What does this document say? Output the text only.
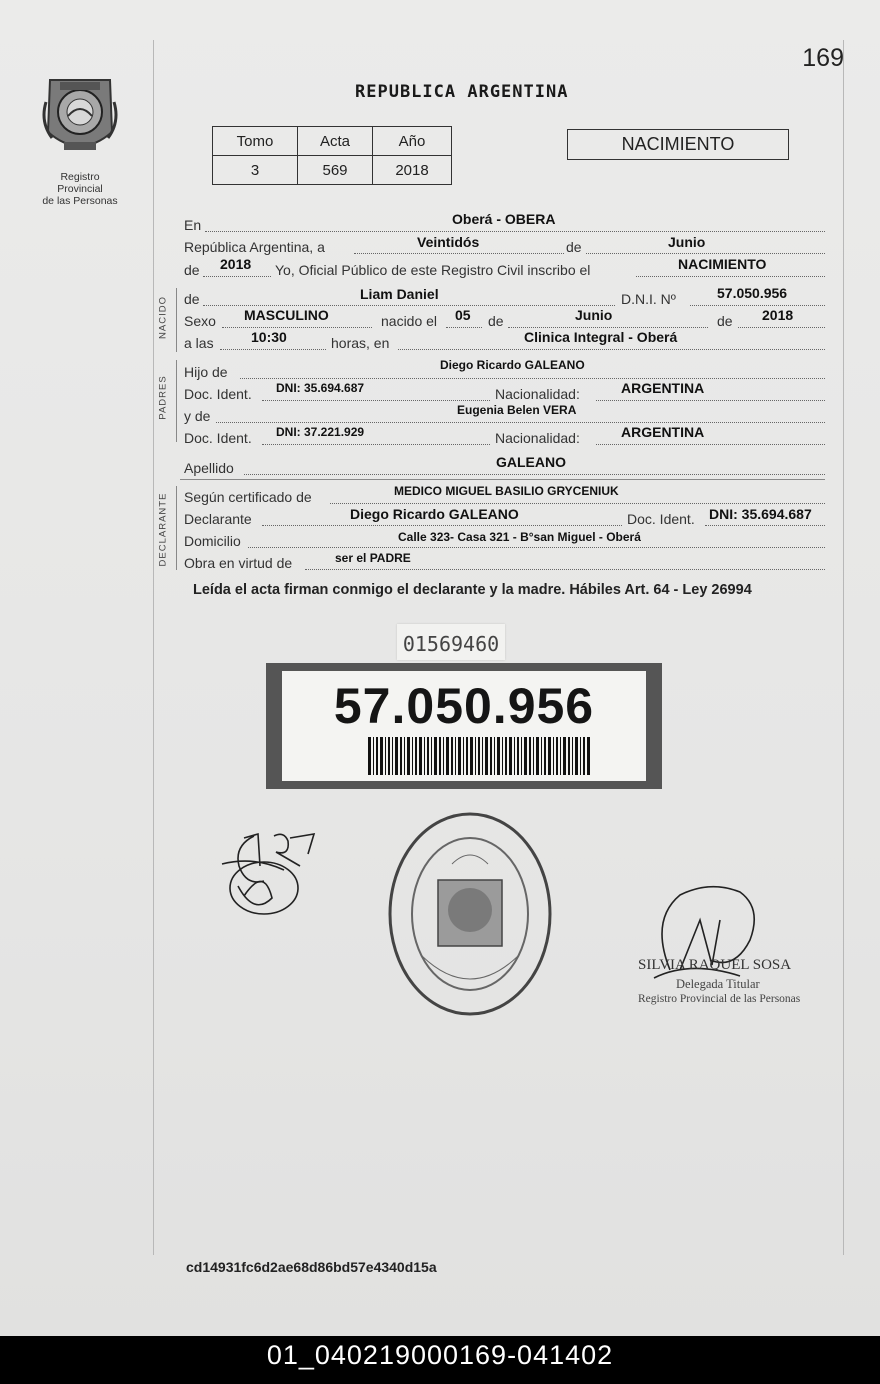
169
Registro Provincial
de las Personas
REPUBLICA ARGENTINA
Tomo	Acta	Año
3	569	2018
NACIMIENTO
En	Oberá - OBERA
República Argentina, a	Veintidós	de	Junio
de 2018 Yo, Oficial Público de este Registro Civil inscribo el	NACIMIENTO
NACIDO de	Liam Daniel	D.N.I. Nº	57.050.956
Sexo MASCULINO	nacido el 05 de	Junio	de 2018
a las	10:30	horas, en	Clinica Integral - Oberá
PADRES
Hijo de	Diego Ricardo GALEANO
Doc. Ident. DNI: 35.694.687	Nacionalidad:	ARGENTINA
y de	Eugenia Belen VERA
Doc. Ident. DNI: 37.221.929	Nacionalidad:	ARGENTINA
Apellido	GALEANO
DECLARANTE Según certificado de	MEDICO MIGUEL BASILIO GRYCENIUK
Declarante	Diego Ricardo GALEANO	Doc. Ident. DNI: 35.694.687
Domicilio	Calle 323- Casa 321 - B°san Miguel - Oberá
Obra en virtud de	ser el PADRE
Leída el acta firman conmigo el declarante y la madre. Hábiles Art. 64 - Ley 26994
01569460
57.050.956
SILVIA RAQUEL SOSA
Delegada Titular
Registro Provincial de las Personas
cd14931fc6d2ae68d86bd57e4340d15a
01_040219000169-041402
